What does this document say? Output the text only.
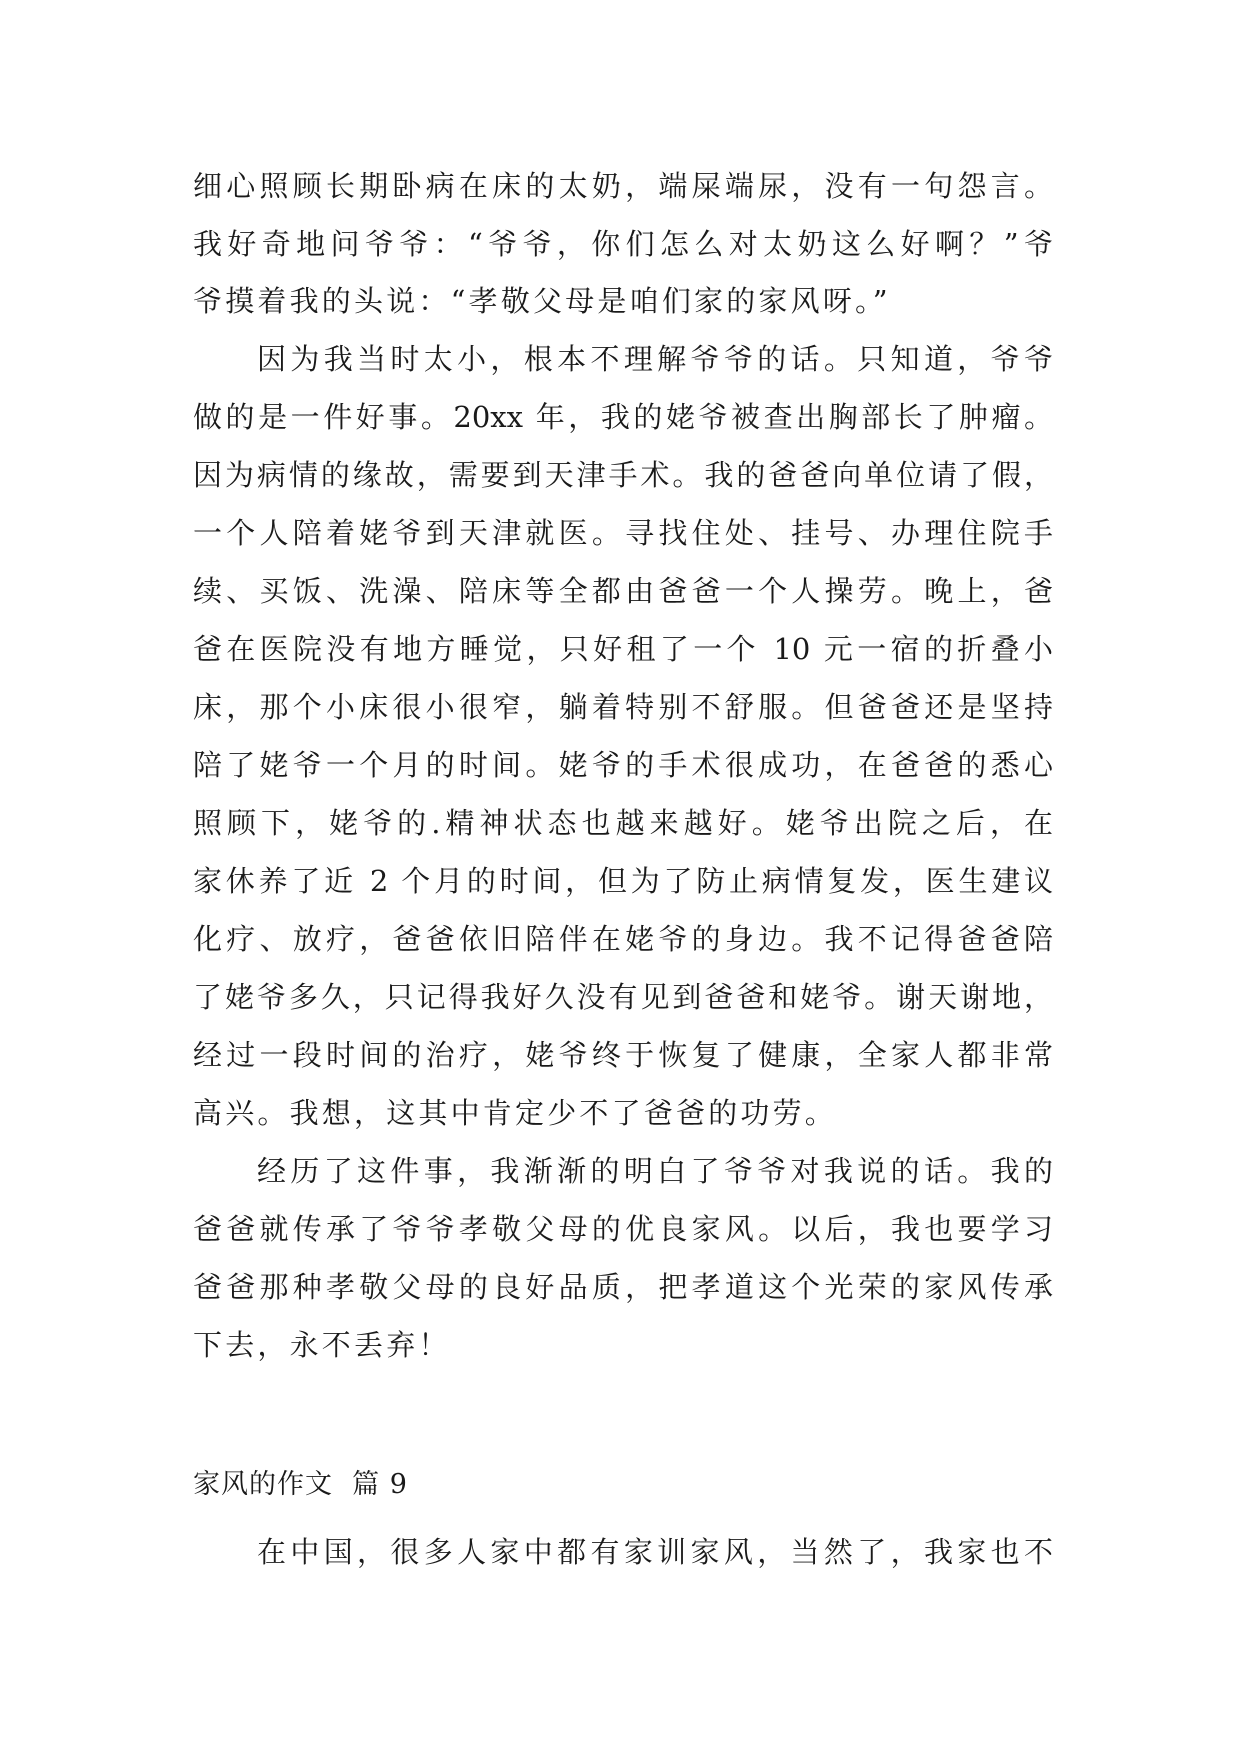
细心照顾长期卧病在床的太奶，端屎端尿，没有一句怨言。
我好奇地问爷爷：“爷爷，你们怎么对太奶这么好啊？”爷
爷摸着我的头说：“孝敬父母是咱们家的家风呀。”
因为我当时太小，根本不理解爷爷的话。只知道，爷爷
做的是一件好事。20xx 年，我的姥爷被查出胸部长了肿瘤。
因为病情的缘故，需要到天津手术。我的爸爸向单位请了假，
一个人陪着姥爷到天津就医。寻找住处、挂号、办理住院手
续、买饭、洗澡、陪床等全都由爸爸一个人操劳。晚上，爸
爸在医院没有地方睡觉，只好租了一个 10 元一宿的折叠小
床，那个小床很小很窄，躺着特别不舒服。但爸爸还是坚持
陪了姥爷一个月的时间。姥爷的手术很成功，在爸爸的悉心
照顾下，姥爷的.精神状态也越来越好。姥爷出院之后，在
家休养了近 2 个月的时间，但为了防止病情复发，医生建议
化疗、放疗，爸爸依旧陪伴在姥爷的身边。我不记得爸爸陪
了姥爷多久，只记得我好久没有见到爸爸和姥爷。谢天谢地，
经过一段时间的治疗，姥爷终于恢复了健康，全家人都非常
高兴。我想，这其中肯定少不了爸爸的功劳。
经历了这件事，我渐渐的明白了爷爷对我说的话。我的
爸爸就传承了爷爷孝敬父母的优良家风。以后，我也要学习
爸爸那种孝敬父母的良好品质，把孝道这个光荣的家风传承
下去，永不丢弃！
家风的作文  篇 9
在中国，很多人家中都有家训家风，当然了，我家也不
